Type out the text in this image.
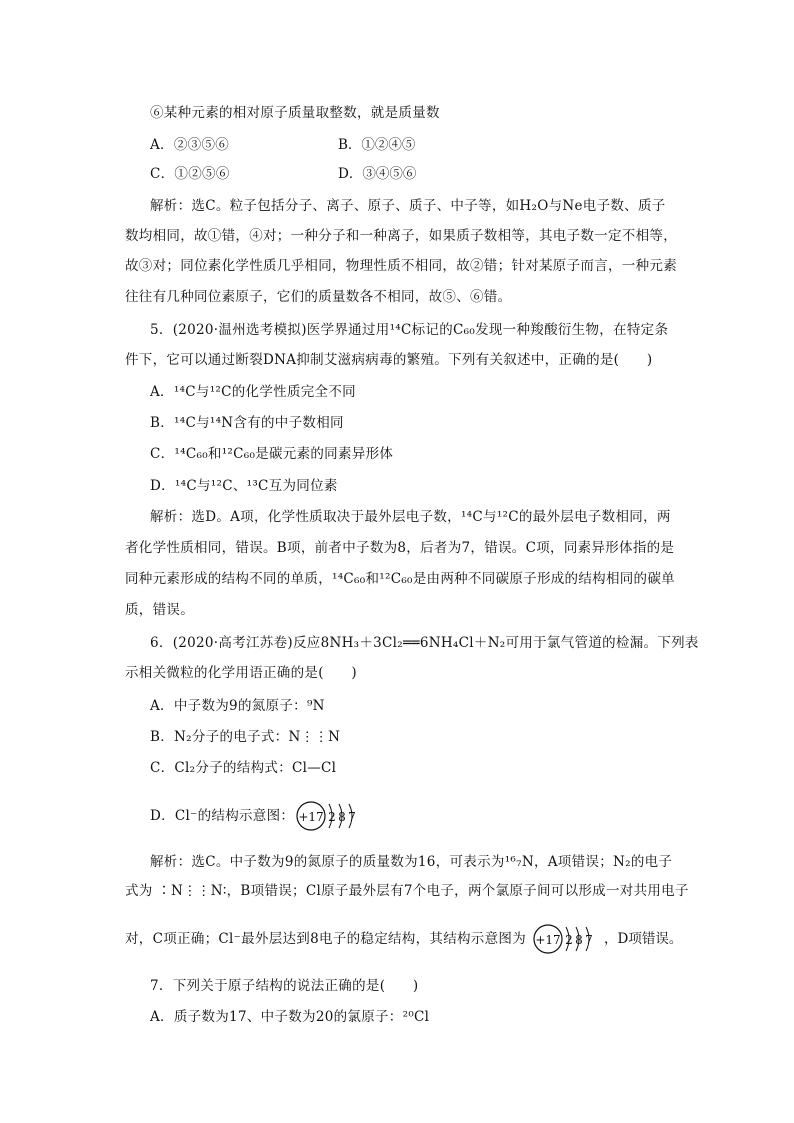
⑥某种元素的相对原子质量取整数，就是质量数
A．②③⑤⑥	B．①②④⑤
C．①②⑤⑥	D．③④⑤⑥
解析：选C。粒子包括分子、离子、原子、质子、中子等，如H₂O与Ne电子数、质子
数均相同，故①错，④对；一种分子和一种离子，如果质子数相等，其电子数一定不相等，
故③对；同位素化学性质几乎相同，物理性质不相同，故②错；针对某原子而言，一种元素
往往有几种同位素原子，它们的质量数各不相同，故⑤、⑥错。
5．(2020·温州选考模拟)医学界通过用¹⁴C标记的C₆₀发现一种羧酸衍生物，在特定条
件下，它可以通过断裂DNA抑制艾滋病病毒的繁殖。下列有关叙述中，正确的是(　　)
A．¹⁴C与¹²C的化学性质完全不同
B．¹⁴C与¹⁴N含有的中子数相同
C．¹⁴C₆₀和¹²C₆₀是碳元素的同素异形体
D．¹⁴C与¹²C、¹³C互为同位素
解析：选D。A项，化学性质取决于最外层电子数，¹⁴C与¹²C的最外层电子数相同，两
者化学性质相同，错误。B项，前者中子数为8，后者为7，错误。C项，同素异形体指的是
同种元素形成的结构不同的单质，¹⁴C₆₀和¹²C₆₀是由两种不同碳原子形成的结构相同的碳单
质，错误。
6．(2020·高考江苏卷)反应8NH₃＋3Cl₂══6NH₄Cl＋N₂可用于氯气管道的检漏。下列表
示相关微粒的化学用语正确的是(　　)
A．中子数为9的氮原子：⁹N
B．N₂分子的电子式：N⋮⋮N
C．Cl₂分子的结构式：Cl—Cl
D．Cl⁻的结构示意图： +17 2 8 7
解析：选C。中子数为9的氮原子的质量数为16，可表示为¹⁶₇N，A项错误；N₂的电子
式为 ∶N⋮⋮N∶，B项错误；Cl原子最外层有7个电子，两个氯原子间可以形成一对共用电子
对，C项正确；Cl⁻最外层达到8电子的稳定结构，其结构示意图为 +17 2 8 7 ，D项错误。
7．下列关于原子结构的说法正确的是(　　)
A．质子数为17、中子数为20的氯原子：²⁰Cl
